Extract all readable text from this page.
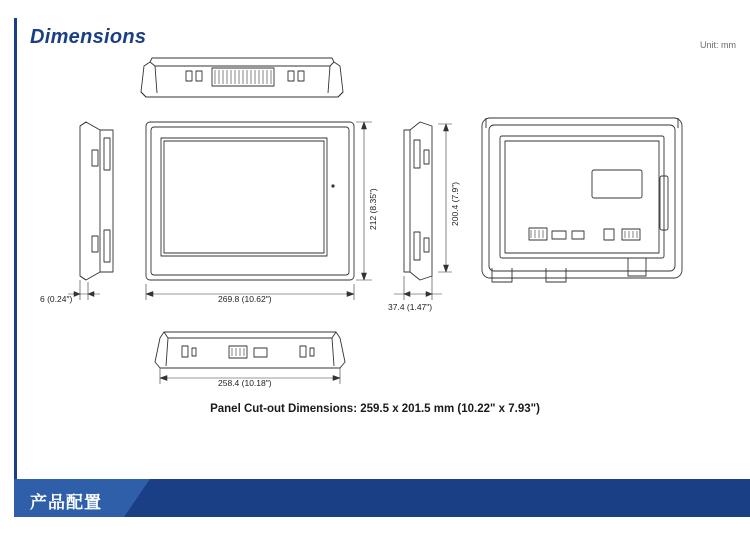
Dimensions	Unit: mm
269.8 (10.62")
212 (8.35")
6 (0.24")
37.4 (1.47")
200.4 (7.9")
258.4 (10.18")
Panel Cut-out Dimensions: 259.5 x 201.5 mm (10.22" x 7.93")
产品配置
